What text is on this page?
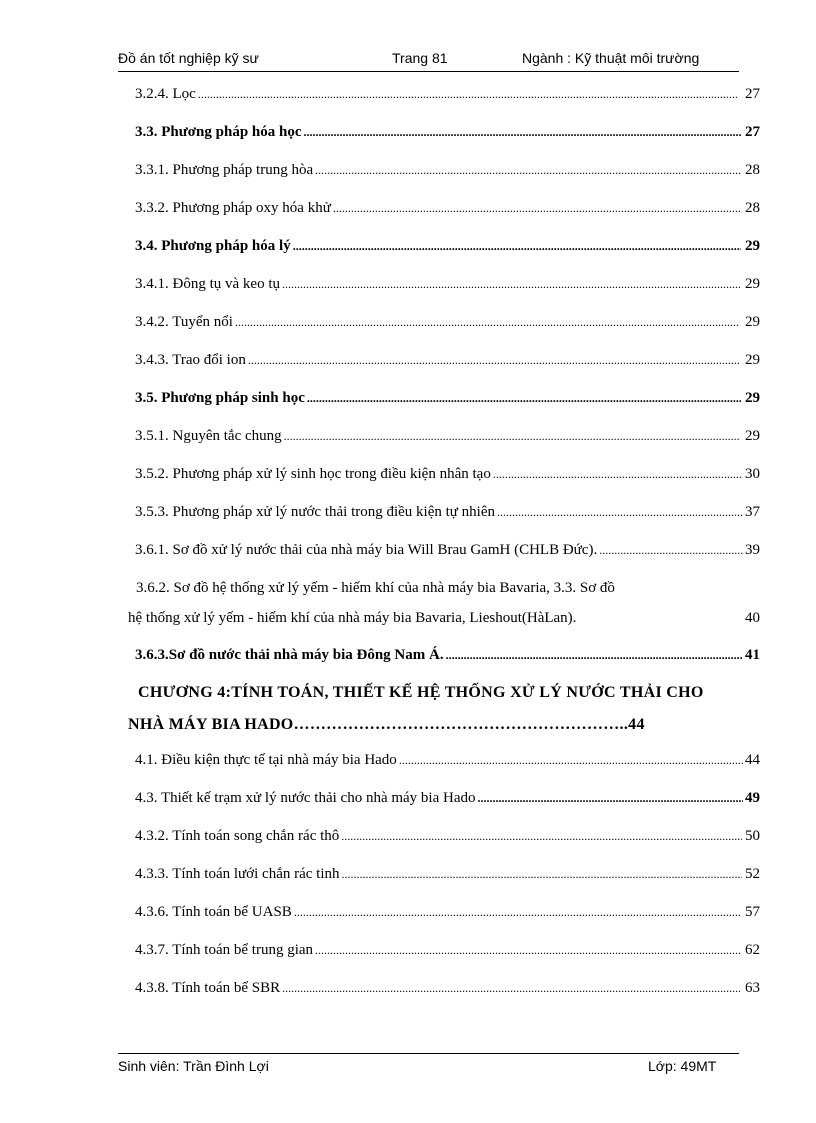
Đồ án tốt nghiệp kỹ sư	Trang 81	Ngành : Kỹ thuật môi trường
3.2.4. Lọc .....	27
3.3. Phương pháp hóa học .....	27
3.3.1. Phương pháp trung hòa .....	28
3.3.2. Phương pháp oxy hóa khử .....	28
3.4. Phương pháp hóa lý .....	29
3.4.1. Đông tụ và keo tụ .....	29
3.4.2. Tuyển nổi .....	29
3.4.3. Trao đổi ion .....	29
3.5. Phương pháp sinh học .....	29
3.5.1. Nguyên tắc chung .....	29
3.5.2. Phương pháp xử lý sinh học trong điều kiện nhân tạo .....	30
3.5.3. Phương pháp xử lý nước thải trong điều kiện tự nhiên .....	37
3.6.1. Sơ đồ xử lý nước thải của nhà máy bia Will Brau GamH (CHLB Đức). .....	39
3.6.2. Sơ đồ hệ thống xử lý yếm - hiếm khí của nhà máy bia Bavaria, 3.3. Sơ đồ
hệ thống xử lý yếm - hiếm khí của nhà máy bia Bavaria, Lieshout(HàLan).	40
3.6.3.Sơ đồ nước thải nhà máy bia Đông Nam Á. .....	41
CHƯƠNG 4:TÍNH TOÁN, THIẾT KẾ HỆ THỐNG XỬ LÝ NƯỚC THẢI CHO
NHÀ MÁY BIA HADO……………………………………………………..44
4.1. Điều kiện thực tế tại nhà máy bia Hado .....	44
4.3. Thiết kế trạm xử lý nước thải cho nhà máy bia Hado .....	49
4.3.2. Tính toán song chắn rác thô .....	50
4.3.3. Tính toán lưới chắn rác tinh .....	52
4.3.6. Tính toán bể UASB .....	57
4.3.7. Tính toán bể trung gian .....	62
4.3.8. Tính toán bể SBR .....	63
Sinh viên: Trần Đình Lợi	Lớp: 49MT
